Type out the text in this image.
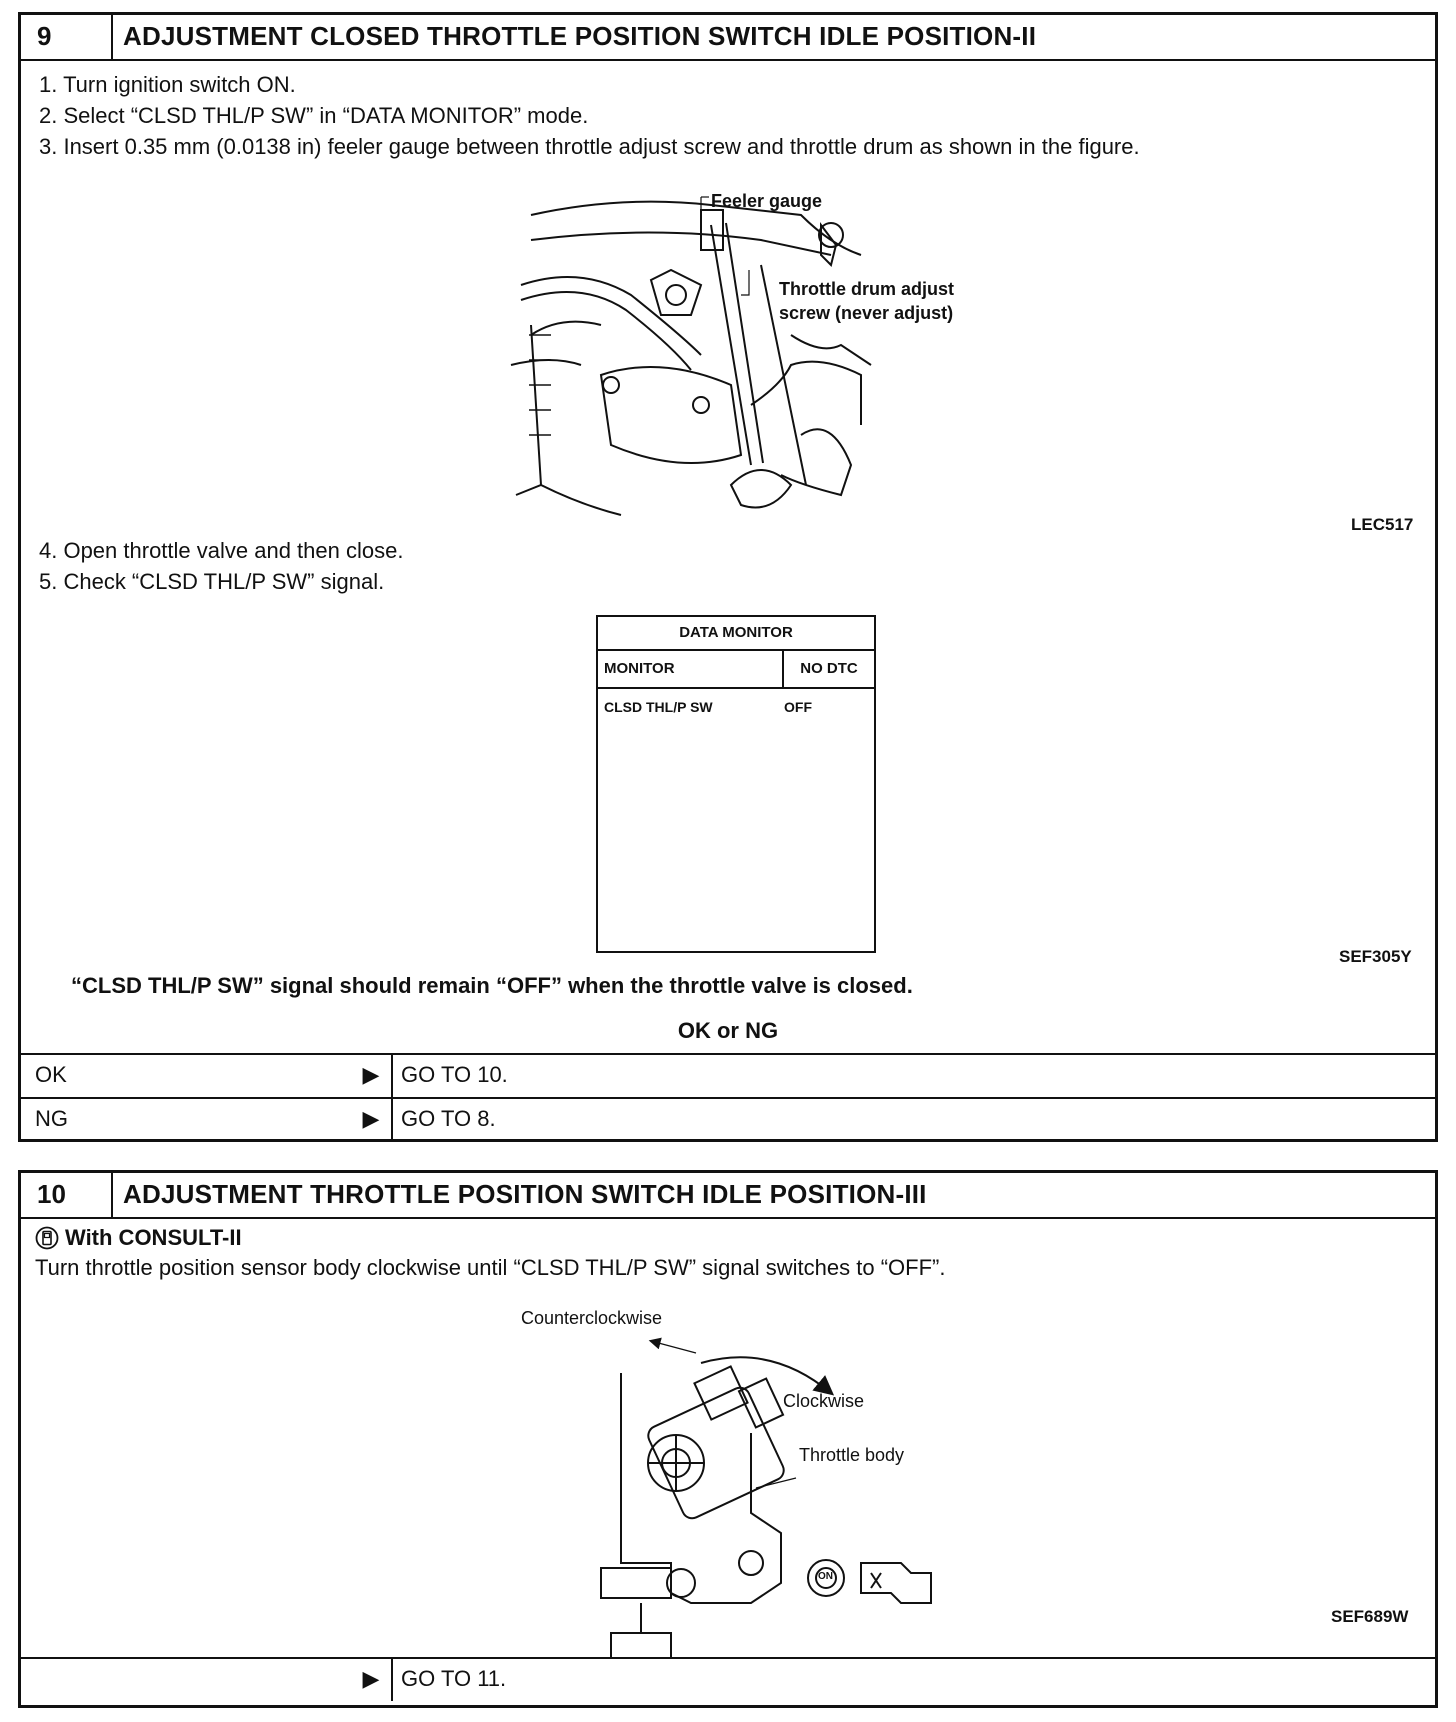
9	ADJUSTMENT CLOSED THROTTLE POSITION SWITCH IDLE POSITION-II
1. Turn ignition switch ON.
2. Select “CLSD THL/P SW” in “DATA MONITOR” mode.
3. Insert 0.35 mm (0.0138 in) feeler gauge between throttle adjust screw and throttle drum as shown in the figure.
Feeler gauge
Throttle drum adjust
screw (never adjust)
LEC517
4. Open throttle valve and then close.
5. Check “CLSD THL/P SW” signal.
DATA MONITOR
MONITOR	NO DTC
CLSD THL/P SW	OFF
SEF305Y
“CLSD THL/P SW” signal should remain “OFF” when the throttle valve is closed.
OK or NG
OK	▶ GO TO 10.
NG	▶ GO TO 8.
10	ADJUSTMENT THROTTLE POSITION SWITCH IDLE POSITION-III
With CONSULT-II
Turn throttle position sensor body clockwise until “CLSD THL/P SW” signal switches to “OFF”.
Counterclockwise
Clockwise
Throttle body
ON
SEF689W
▶ GO TO 11.
